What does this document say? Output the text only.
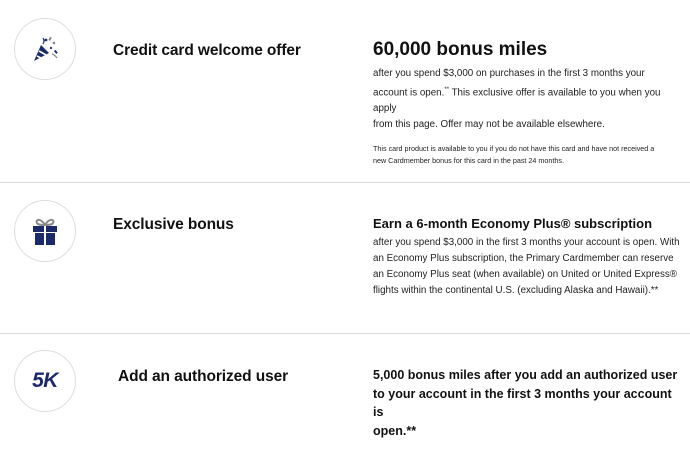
Credit card welcome offer	60,000 bonus miles

after you spend $3,000 on purchases in the first 3 months your

account is open.** This exclusive offer is available to you when you apply

from this page. Offer may not be available elsewhere.

This card product is available to you if you do not have this card and have not received a

new Cardmember bonus for this card in the past 24 months.

Exclusive bonus	Earn a 6-month Economy Plus® subscription

after you spend $3,000 in the first 3 months your account is open. With

an Economy Plus subscription, the Primary Cardmember can reserve

an Economy Plus seat (when available) on United or United Express®

flights within the continental U.S. (excluding Alaska and Hawaii).**

5K	Add an authorized user	5,000 bonus miles after you add an authorized user

to your account in the first 3 months your account is

open.**
